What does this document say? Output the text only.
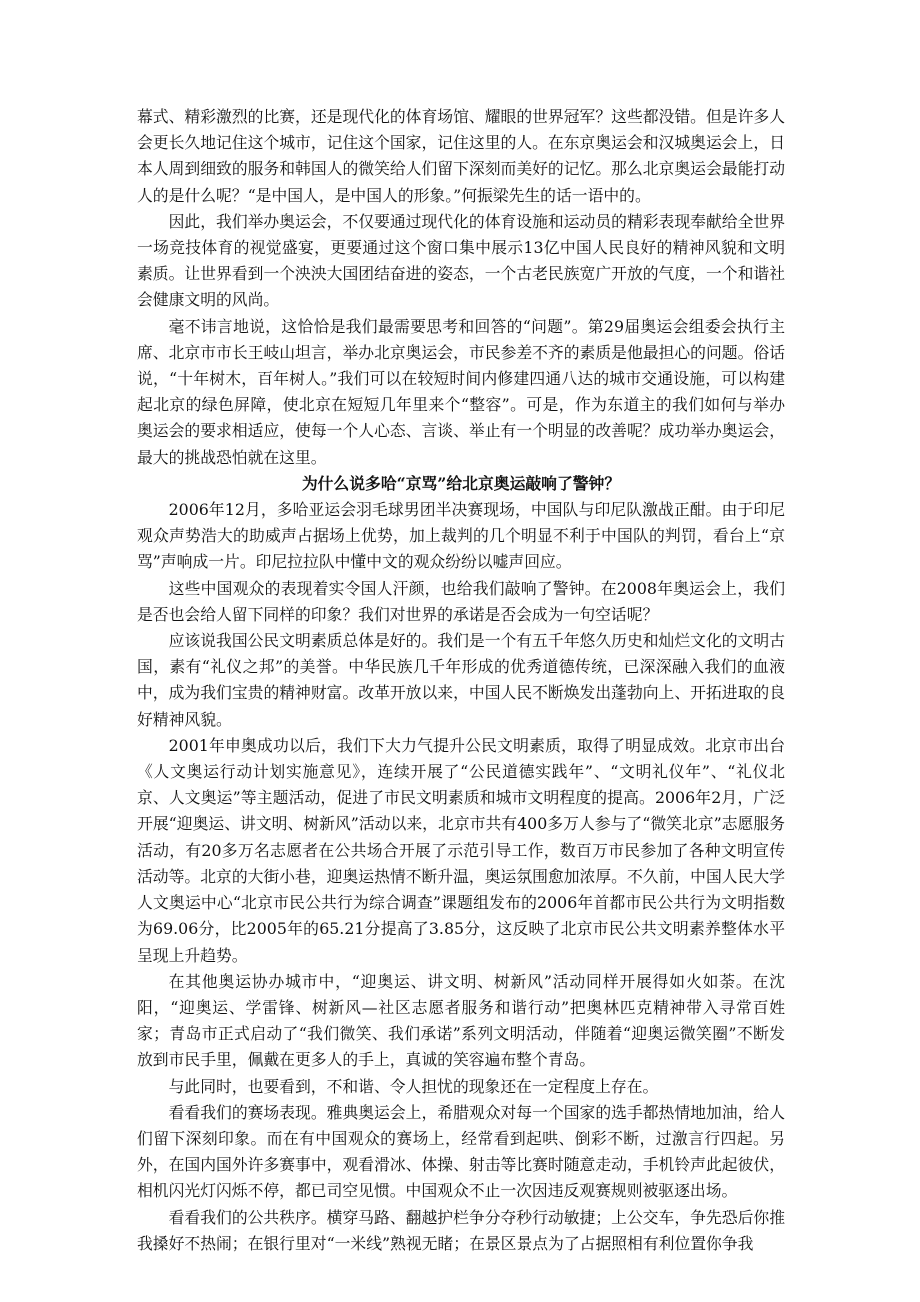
幕式、精彩激烈的比赛，还是现代化的体育场馆、耀眼的世界冠军？这些都没错。但是许多人会更长久地记住这个城市，记住这个国家，记住这里的人。在东京奥运会和汉城奥运会上，日本人周到细致的服务和韩国人的微笑给人们留下深刻而美好的记忆。那么北京奥运会最能打动人的是什么呢？“是中国人，是中国人的形象。”何振梁先生的话一语中的。

因此，我们举办奥运会，不仅要通过现代化的体育设施和运动员的精彩表现奉献给全世界一场竞技体育的视觉盛宴，更要通过这个窗口集中展示13亿中国人民良好的精神风貌和文明素质。让世界看到一个泱泱大国团结奋进的姿态，一个古老民族宽广开放的气度，一个和谐社会健康文明的风尚。

毫不讳言地说，这恰恰是我们最需要思考和回答的“问题”。第29届奥运会组委会执行主席、北京市市长王岐山坦言，举办北京奥运会，市民参差不齐的素质是他最担心的问题。俗话说，“十年树木，百年树人。”我们可以在较短时间内修建四通八达的城市交通设施，可以构建起北京的绿色屏障，使北京在短短几年里来个“整容”。可是，作为东道主的我们如何与举办奥运会的要求相适应，使每一个人心态、言谈、举止有一个明显的改善呢？成功举办奥运会，最大的挑战恐怕就在这里。

为什么说多哈“京骂”给北京奥运敲响了警钟？

2006年12月，多哈亚运会羽毛球男团半决赛现场，中国队与印尼队激战正酣。由于印尼观众声势浩大的助威声占据场上优势，加上裁判的几个明显不利于中国队的判罚，看台上“京骂”声响成一片。印尼拉拉队中懂中文的观众纷纷以嘘声回应。

这些中国观众的表现着实令国人汗颜，也给我们敲响了警钟。在2008年奥运会上，我们是否也会给人留下同样的印象？我们对世界的承诺是否会成为一句空话呢？

应该说我国公民文明素质总体是好的。我们是一个有五千年悠久历史和灿烂文化的文明古国，素有“礼仪之邦”的美誉。中华民族几千年形成的优秀道德传统，已深深融入我们的血液中，成为我们宝贵的精神财富。改革开放以来，中国人民不断焕发出蓬勃向上、开拓进取的良好精神风貌。

2001年申奥成功以后，我们下大力气提升公民文明素质，取得了明显成效。北京市出台《人文奥运行动计划实施意见》，连续开展了“公民道德实践年”、“文明礼仪年”、“礼仪北京、人文奥运”等主题活动，促进了市民文明素质和城市文明程度的提高。2006年2月，广泛开展“迎奥运、讲文明、树新风”活动以来，北京市共有400多万人参与了“微笑北京”志愿服务活动，有20多万名志愿者在公共场合开展了示范引导工作，数百万市民参加了各种文明宣传活动等。北京的大街小巷，迎奥运热情不断升温，奥运氛围愈加浓厚。不久前，中国人民大学人文奥运中心“北京市民公共行为综合调查”课题组发布的2006年首都市民公共行为文明指数为69.06分，比2005年的65.21分提高了3.85分，这反映了北京市民公共文明素养整体水平呈现上升趋势。

在其他奥运协办城市中，“迎奥运、讲文明、树新风”活动同样开展得如火如荼。在沈阳，“迎奥运、学雷锋、树新风—社区志愿者服务和谐行动”把奥林匹克精神带入寻常百姓家；青岛市正式启动了“我们微笑、我们承诺”系列文明活动，伴随着“迎奥运微笑圈”不断发放到市民手里，佩戴在更多人的手上，真诚的笑容遍布整个青岛。

与此同时，也要看到，不和谐、令人担忧的现象还在一定程度上存在。

看看我们的赛场表现。雅典奥运会上，希腊观众对每一个国家的选手都热情地加油，给人们留下深刻印象。而在有中国观众的赛场上，经常看到起哄、倒彩不断，过激言行四起。另外，在国内国外许多赛事中，观看滑冰、体操、射击等比赛时随意走动，手机铃声此起彼伏，相机闪光灯闪烁不停，都已司空见惯。中国观众不止一次因违反观赛规则被驱逐出场。

看看我们的公共秩序。横穿马路、翻越护栏争分夺秒行动敏捷；上公交车，争先恐后你推我搡好不热闹；在银行里对“一米线”熟视无睹；在景区景点为了占据照相有利位置你争我
